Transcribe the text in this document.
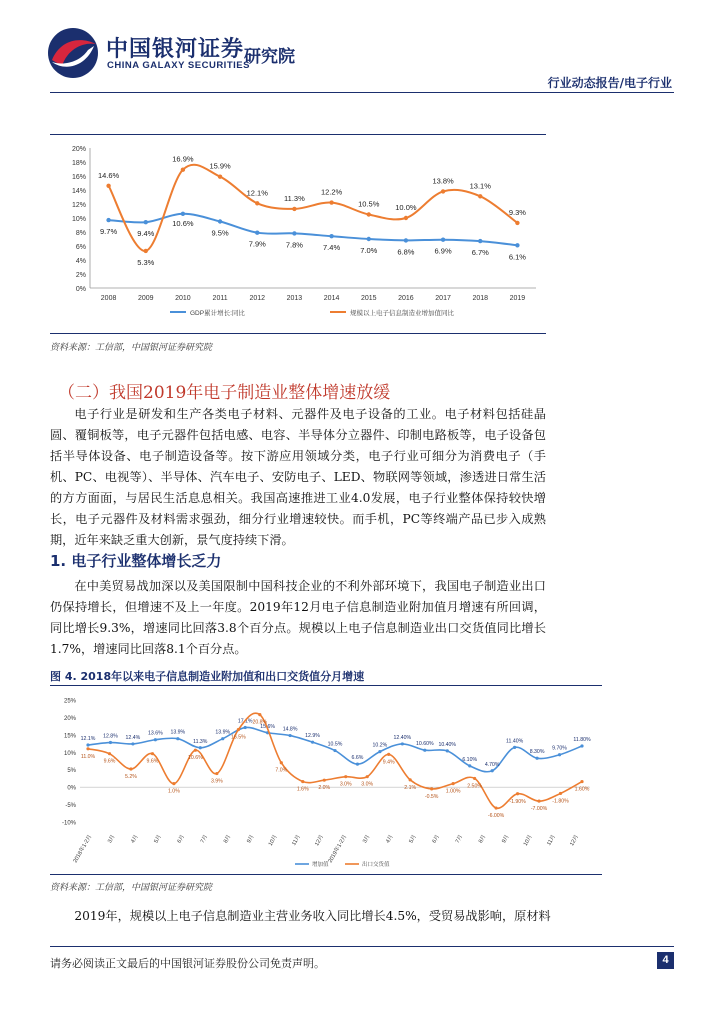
中国银河证券
CHINA GALAXY SECURITIES
研究院
行业动态报告/电子行业
0%
2%
4%
6%
8%
10%
12%
14%
16%
18%
20%
2008	2009	2010	2011	2012	2013	2014	2015	2016	2017	2018	2019
9.7%	9.4%
10.6%
9.5%
7.9%	7.8%	7.4%	7.0%	6.8%	6.9%	6.7%	6.1%
14.6%
5.3%
16.9%
15.9%
12.1%
11.3%
12.2%
10.5% 10.0%
13.8%
13.1%
9.3%
GDP累计增长:同比	规模以上电子信息制造业增加值同比
资料来源：工信部，中国银河证券研究院
（二）我国2019年电子制造业整体增速放缓
电子行业是研发和生产各类电子材料、元器件及电子设备的工业。电子材料包括硅晶圆、覆铜板等，电子元器件包括电感、电容、半导体分立器件、印制电路板等，电子设备包括半导体设备、电子制造设备等。按下游应用领域分类，电子行业可细分为消费电子（手机、PC、电视等）、半导体、汽车电子、安防电子、LED、物联网等领域，渗透进日常生活的方方面面，与居民生活息息相关。我国高速推进工业4.0发展，电子行业整体保持较快增长，电子元器件及材料需求强劲，细分行业增速较快。而手机，PC等终端产品已步入成熟期，近年来缺乏重大创新，景气度持续下滑。
1. 电子行业整体增长乏力
在中美贸易战加深以及美国限制中国科技企业的不利外部环境下，我国电子制造业出口仍保持增长，但增速不及上一年度。2019年12月电子信息制造业附加值月增速有所回调，同比增长9.3%，增速同比回落3.8个百分点。规模以上电子信息制造业出口交货值同比增长1.7%，增速同比回落8.1个百分点。
图 4. 2018年以来电子信息制造业附加值和出口交货值分月增速
-10%
-5%
0%
5%
10%
15%
20%
25%
2018年1-2月	3月	4月	5月	6月	7月	8月	9月	10月	11月	12月 2019年1-2月	3月	4月	5月	6月	7月	8月	9月	10月	11月	12月
12.1% 12.8% 12.4%
13.6% 13.9%
11.3%
13.9%
17.1%
15.6% 14.8%
12.9%
10.5%
6.6%
10.2%
12.40%
10.60% 10.40%
6.10%
4.70%
11.40%
8.30%
9.70%
11.80%
11.0%
9.6%
5.2%
9.6%
1.0%
10.6%
3.9%
16.5%
20.8%
7.0%
1.6% 2.0%
3.0% 3.0%
9.4%
2.1%
-0.5%
1.00%
2.50%
-6.00%
-1.90%
-7.00%
-1.80%
1.60%
增加值	出口交货值
资料来源：工信部，中国银河证券研究院
2019年，规模以上电子信息制造业主营业务收入同比增长4.5%，受贸易战影响，原材料
请务必阅读正文最后的中国银河证券股份公司免责声明。	4
